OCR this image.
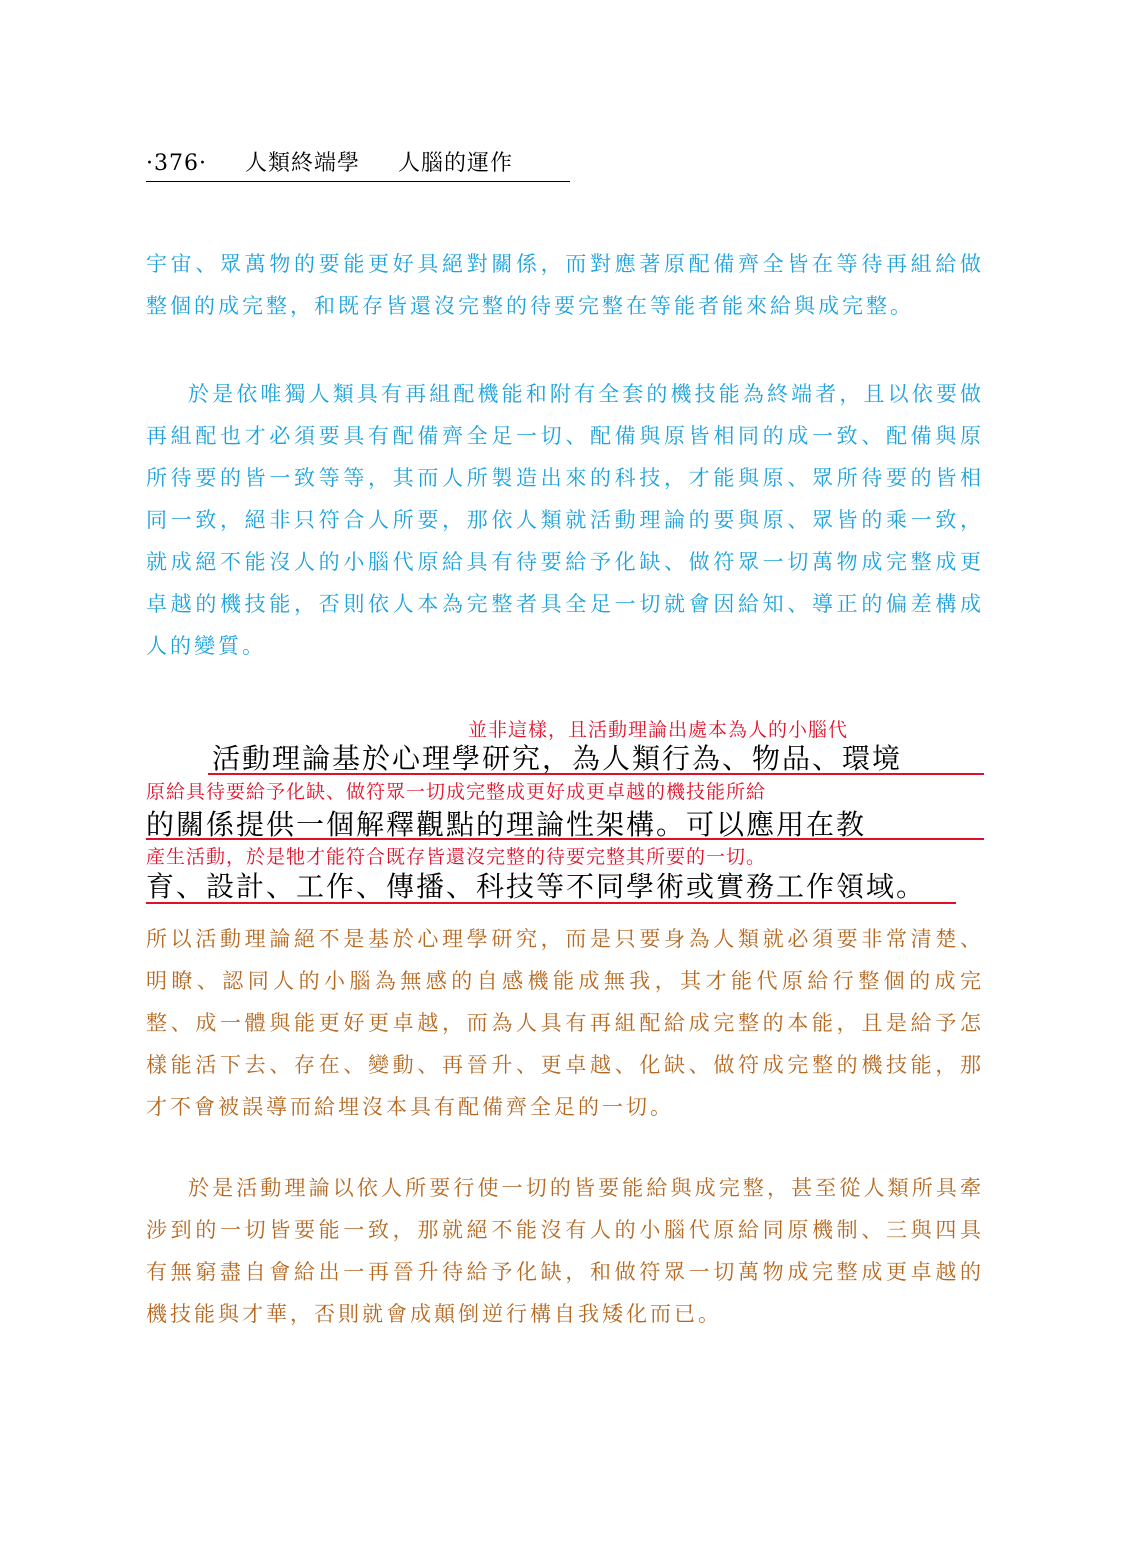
·376· 人類終端學 人腦的運作

宇宙、眾萬物的要能更好具絕對關係，而對應著原配備齊全皆在等待再組給做整個的成完整，和既存皆還沒完整的待要完整在等能者能來給與成完整。

於是依唯獨人類具有再組配機能和附有全套的機技能為終端者，且以依要做再組配也才必須要具有配備齊全足一切、配備與原皆相同的成一致、配備與原所待要的皆一致等等，其而人所製造出來的科技，才能與原、眾所待要的皆相同一致，絕非只符合人所要，那依人類就活動理論的要與原、眾皆的乘一致，就成絕不能沒人的小腦代原給具有待要給予化缺、做符眾一切萬物成完整成更卓越的機技能，否則依人本為完整者具全足一切就會因給知、導正的偏差構成人的變質。

並非這樣，且活動理論出處本為人的小腦代
活動理論基於心理學研究，為人類行為、物品、環境
原給具待要給予化缺、做符眾一切成完整成更好成更卓越的機技能所給
的關係提供一個解釋觀點的理論性架構。可以應用在教
產生活動，於是牠才能符合既存皆還沒完整的待要完整其所要的一切。
育、設計、工作、傳播、科技等不同學術或實務工作領域。

所以活動理論絕不是基於心理學研究，而是只要身為人類就必須要非常清楚、明瞭、認同人的小腦為無感的自感機能成無我，其才能代原給行整個的成完整、成一體與能更好更卓越，而為人具有再組配給成完整的本能，且是給予怎樣能活下去、存在、變動、再晉升、更卓越、化缺、做符成完整的機技能，那才不會被誤導而給埋沒本具有配備齊全足的一切。

於是活動理論以依人所要行使一切的皆要能給與成完整，甚至從人類所具牽涉到的一切皆要能一致，那就絕不能沒有人的小腦代原給同原機制、三與四具有無窮盡自會給出一再晉升待給予化缺，和做符眾一切萬物成完整成更卓越的機技能與才華，否則就會成顛倒逆行構自我矮化而已。
